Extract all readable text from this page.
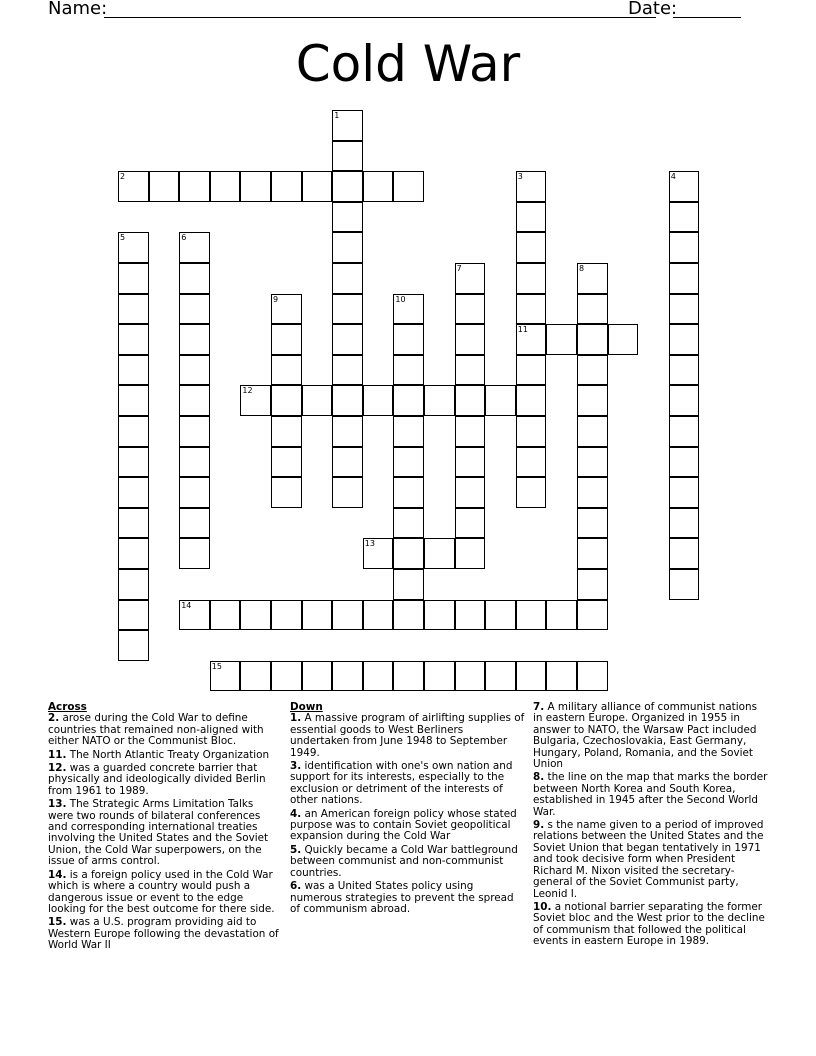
Name:	Date:
Cold War
1
2	3
11
4
5	6
7	8
9	10
12
13
14
15
Across
2. arose during the Cold War to define countries that remained non-aligned with either NATO or the Communist Bloc.
11. The North Atlantic Treaty Organization
12. was a guarded concrete barrier that physically and ideologically divided Berlin from 1961 to 1989.
13. The Strategic Arms Limitation Talks were two rounds of bilateral conferences and corresponding international treaties involving the United States and the Soviet Union, the Cold War superpowers, on the issue of arms control.
14. is a foreign policy used in the Cold War which is where a country would push a dangerous issue or event to the edge looking for the best outcome for there side.
15. was a U.S. program providing aid to Western Europe following the devastation of World War II
Down
1. A massive program of airlifting supplies of essential goods to West Berliners undertaken from June 1948 to September 1949.
3. identification with one's own nation and support for its interests, especially to the exclusion or detriment of the interests of other nations.
4. an American foreign policy whose stated purpose was to contain Soviet geopolitical expansion during the Cold War
5. Quickly became a Cold War battleground between communist and non-communist countries.
6. was a United States policy using numerous strategies to prevent the spread of communism abroad.
7. A military alliance of communist nations in eastern Europe. Organized in 1955 in answer to NATO, the Warsaw Pact included Bulgaria, Czechoslovakia, East Germany, Hungary, Poland, Romania, and the Soviet Union
8. the line on the map that marks the border between North Korea and South Korea, established in 1945 after the Second World War.
9. s the name given to a period of improved relations between the United States and the Soviet Union that began tentatively in 1971 and took decisive form when President Richard M. Nixon visited the secretary-general of the Soviet Communist party, Leonid I.
10. a notional barrier separating the former Soviet bloc and the West prior to the decline of communism that followed the political events in eastern Europe in 1989.
